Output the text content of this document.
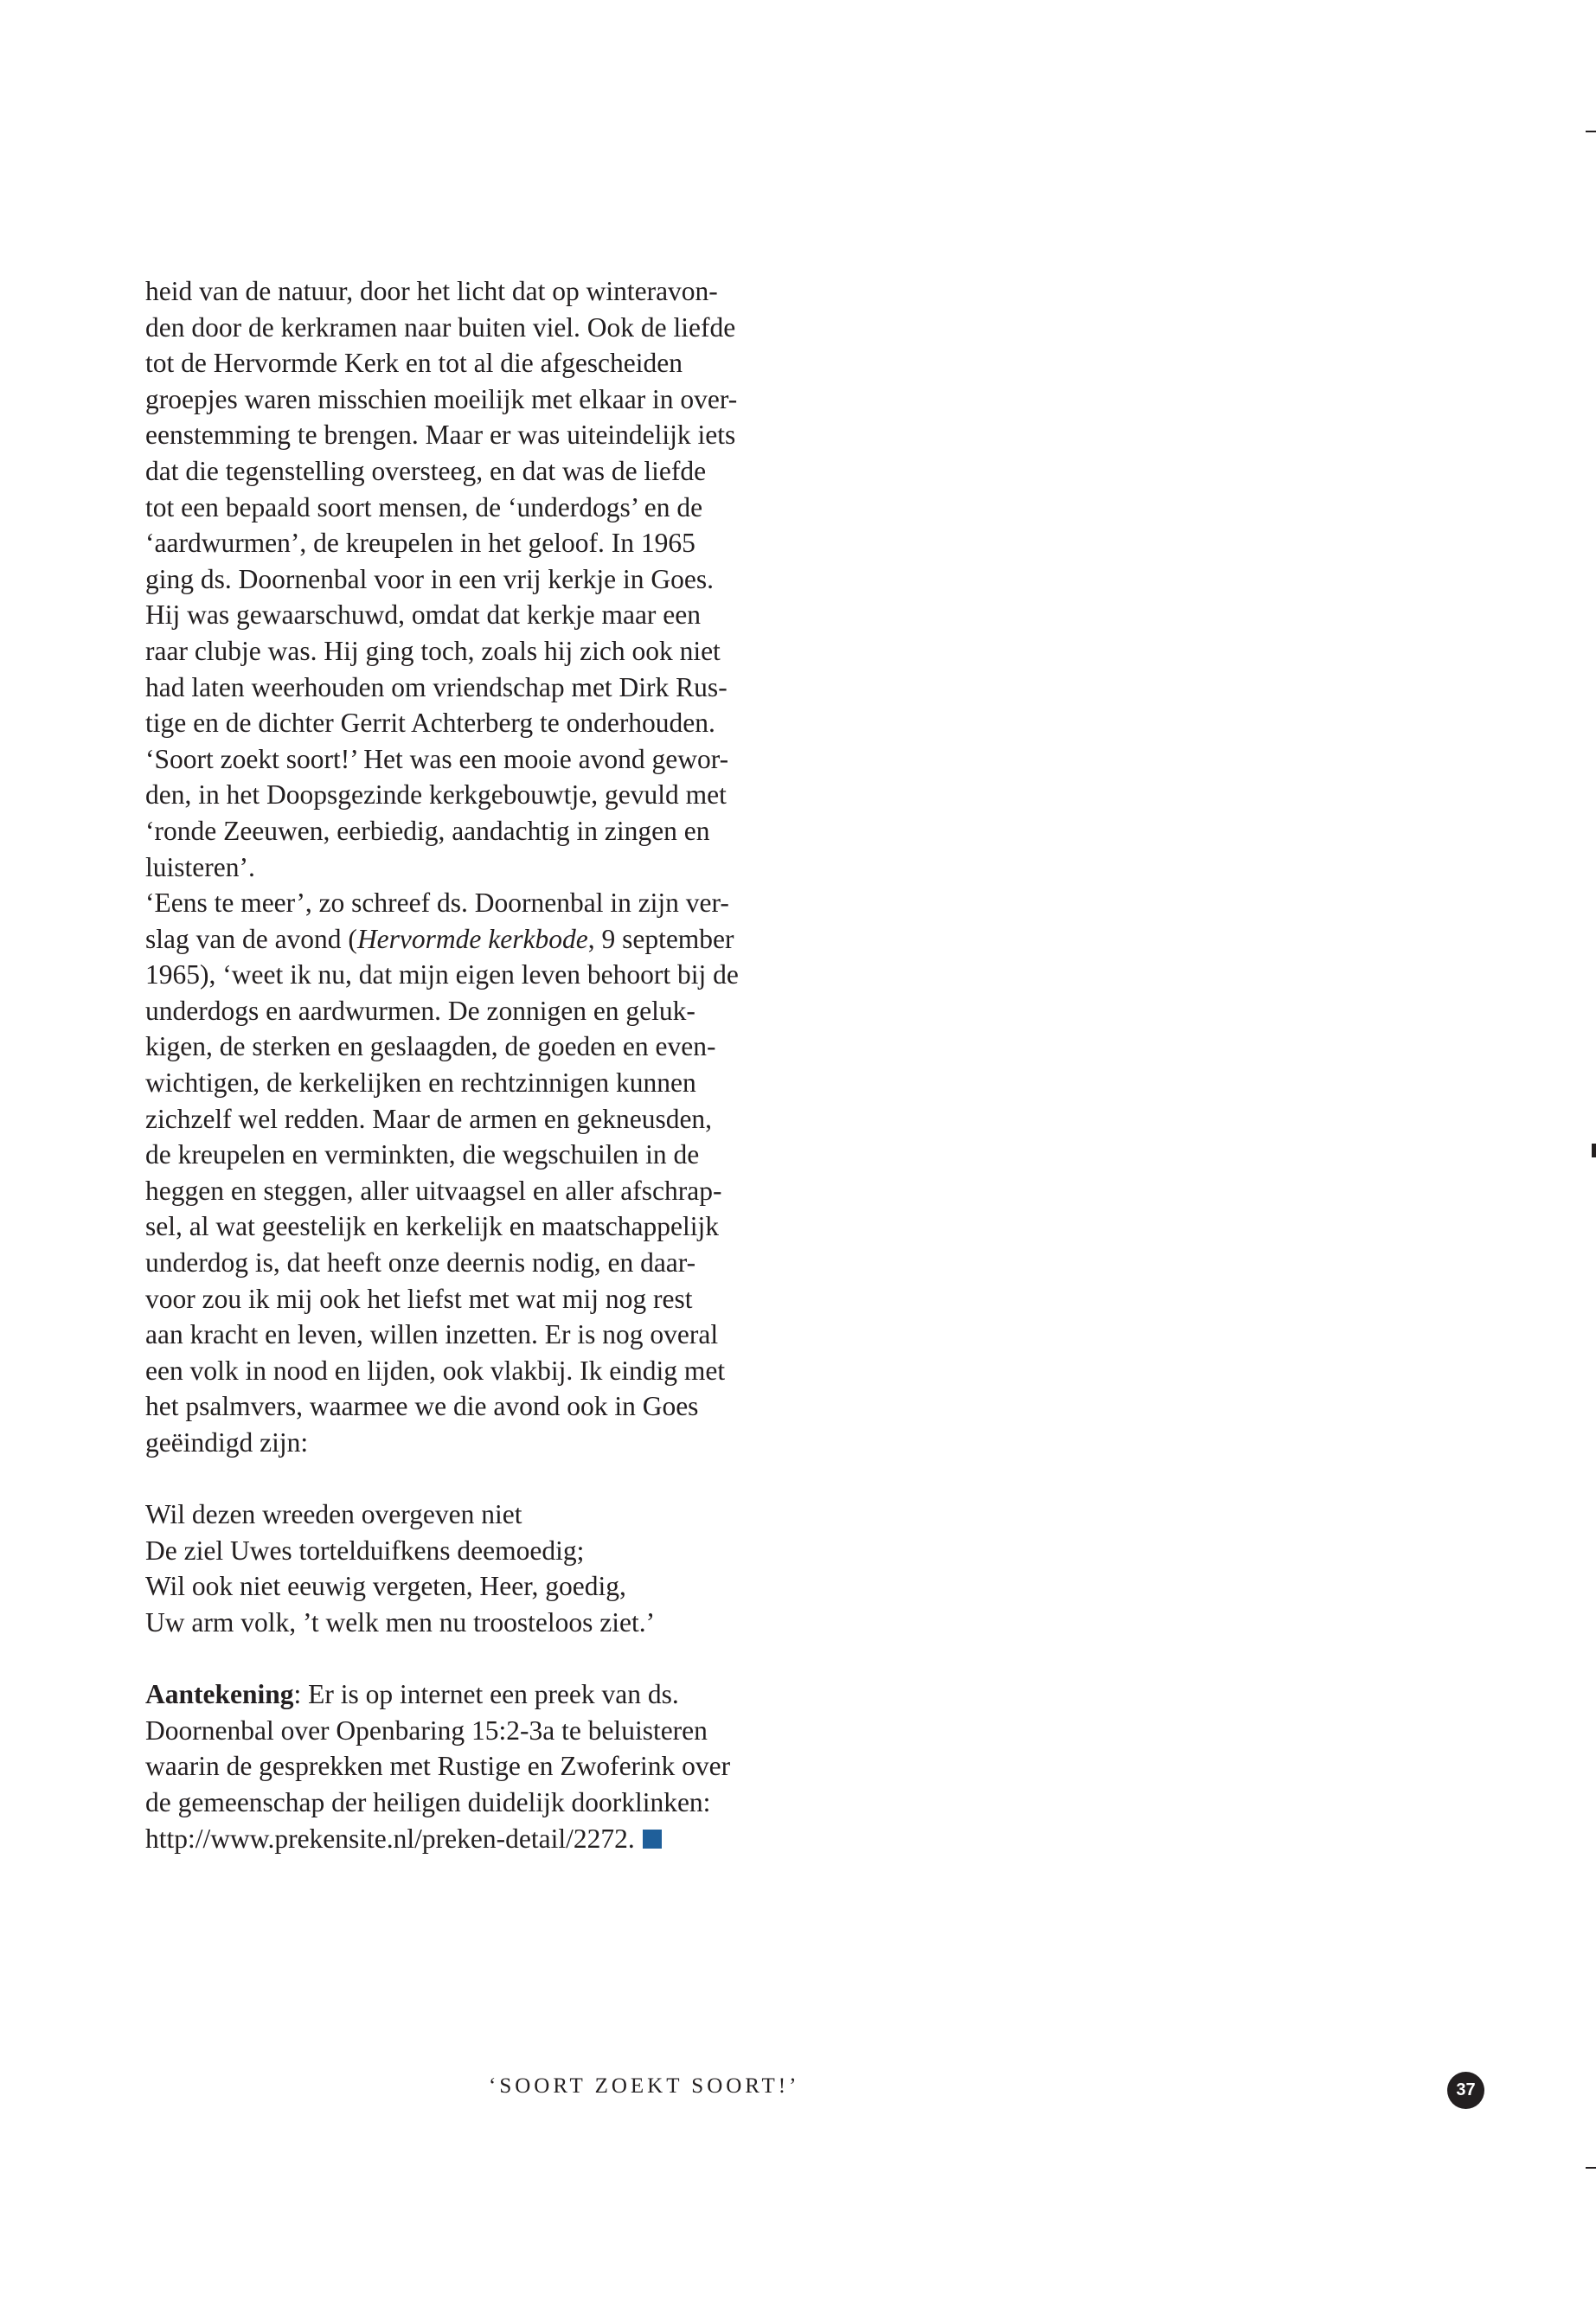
heid van de natuur, door het licht dat op winteravon-
den door de kerkramen naar buiten viel. Ook de liefde
tot de Hervormde Kerk en tot al die afgescheiden
groepjes waren misschien moeilijk met elkaar in over-
eenstemming te brengen. Maar er was uiteindelijk iets
dat die tegenstelling oversteeg, en dat was de liefde
tot een bepaald soort mensen, de ‘underdogs’ en de
‘aardwurmen’, de kreupelen in het geloof. In 1965
ging ds. Doornenbal voor in een vrij kerkje in Goes.
Hij was gewaarschuwd, omdat dat kerkje maar een
raar clubje was. Hij ging toch, zoals hij zich ook niet
had laten weerhouden om vriendschap met Dirk Rus-
tige en de dichter Gerrit Achterberg te onderhouden.
‘Soort zoekt soort!’ Het was een mooie avond gewor-
den, in het Doopsgezinde kerkgebouwtje, gevuld met
‘ronde Zeeuwen, eerbiedig, aandachtig in zingen en
luisteren’.
‘Eens te meer’, zo schreef ds. Doornenbal in zijn ver-
slag van de avond (Hervormde kerkbode, 9 september
1965), ‘weet ik nu, dat mijn eigen leven behoort bij de
underdogs en aardwurmen. De zonnigen en geluk-
kigen, de sterken en geslaagden, de goeden en even-
wichtigen, de kerkelijken en rechtzinnigen kunnen
zichzelf wel redden. Maar de armen en gekneusden,
de kreupelen en verminkten, die wegschuilen in de
heggen en steggen, aller uitvaagsel en aller afschrap-
sel, al wat geestelijk en kerkelijk en maatschappelijk
underdog is, dat heeft onze deernis nodig, en daar-
voor zou ik mij ook het liefst met wat mij nog rest
aan kracht en leven, willen inzetten. Er is nog overal
een volk in nood en lijden, ook vlakbij. Ik eindig met
het psalmvers, waarmee we die avond ook in Goes
geëindigd zijn:
Wil dezen wreeden overgeven niet
De ziel Uwes tortelduifkens deemoedig;
Wil ook niet eeuwig vergeten, Heer, goedig,
Uw arm volk, ’t welk men nu troosteloos ziet.’
Aantekening: Er is op internet een preek van ds.
Doornenbal over Openbaring 15:2-3a te beluisteren
waarin de gesprekken met Rustige en Zwoferink over
de gemeenschap der heiligen duidelijk doorklinken:
http://www.prekensite.nl/preken-detail/2272.
‘SOORT ZOEKT SOORT!’	37
